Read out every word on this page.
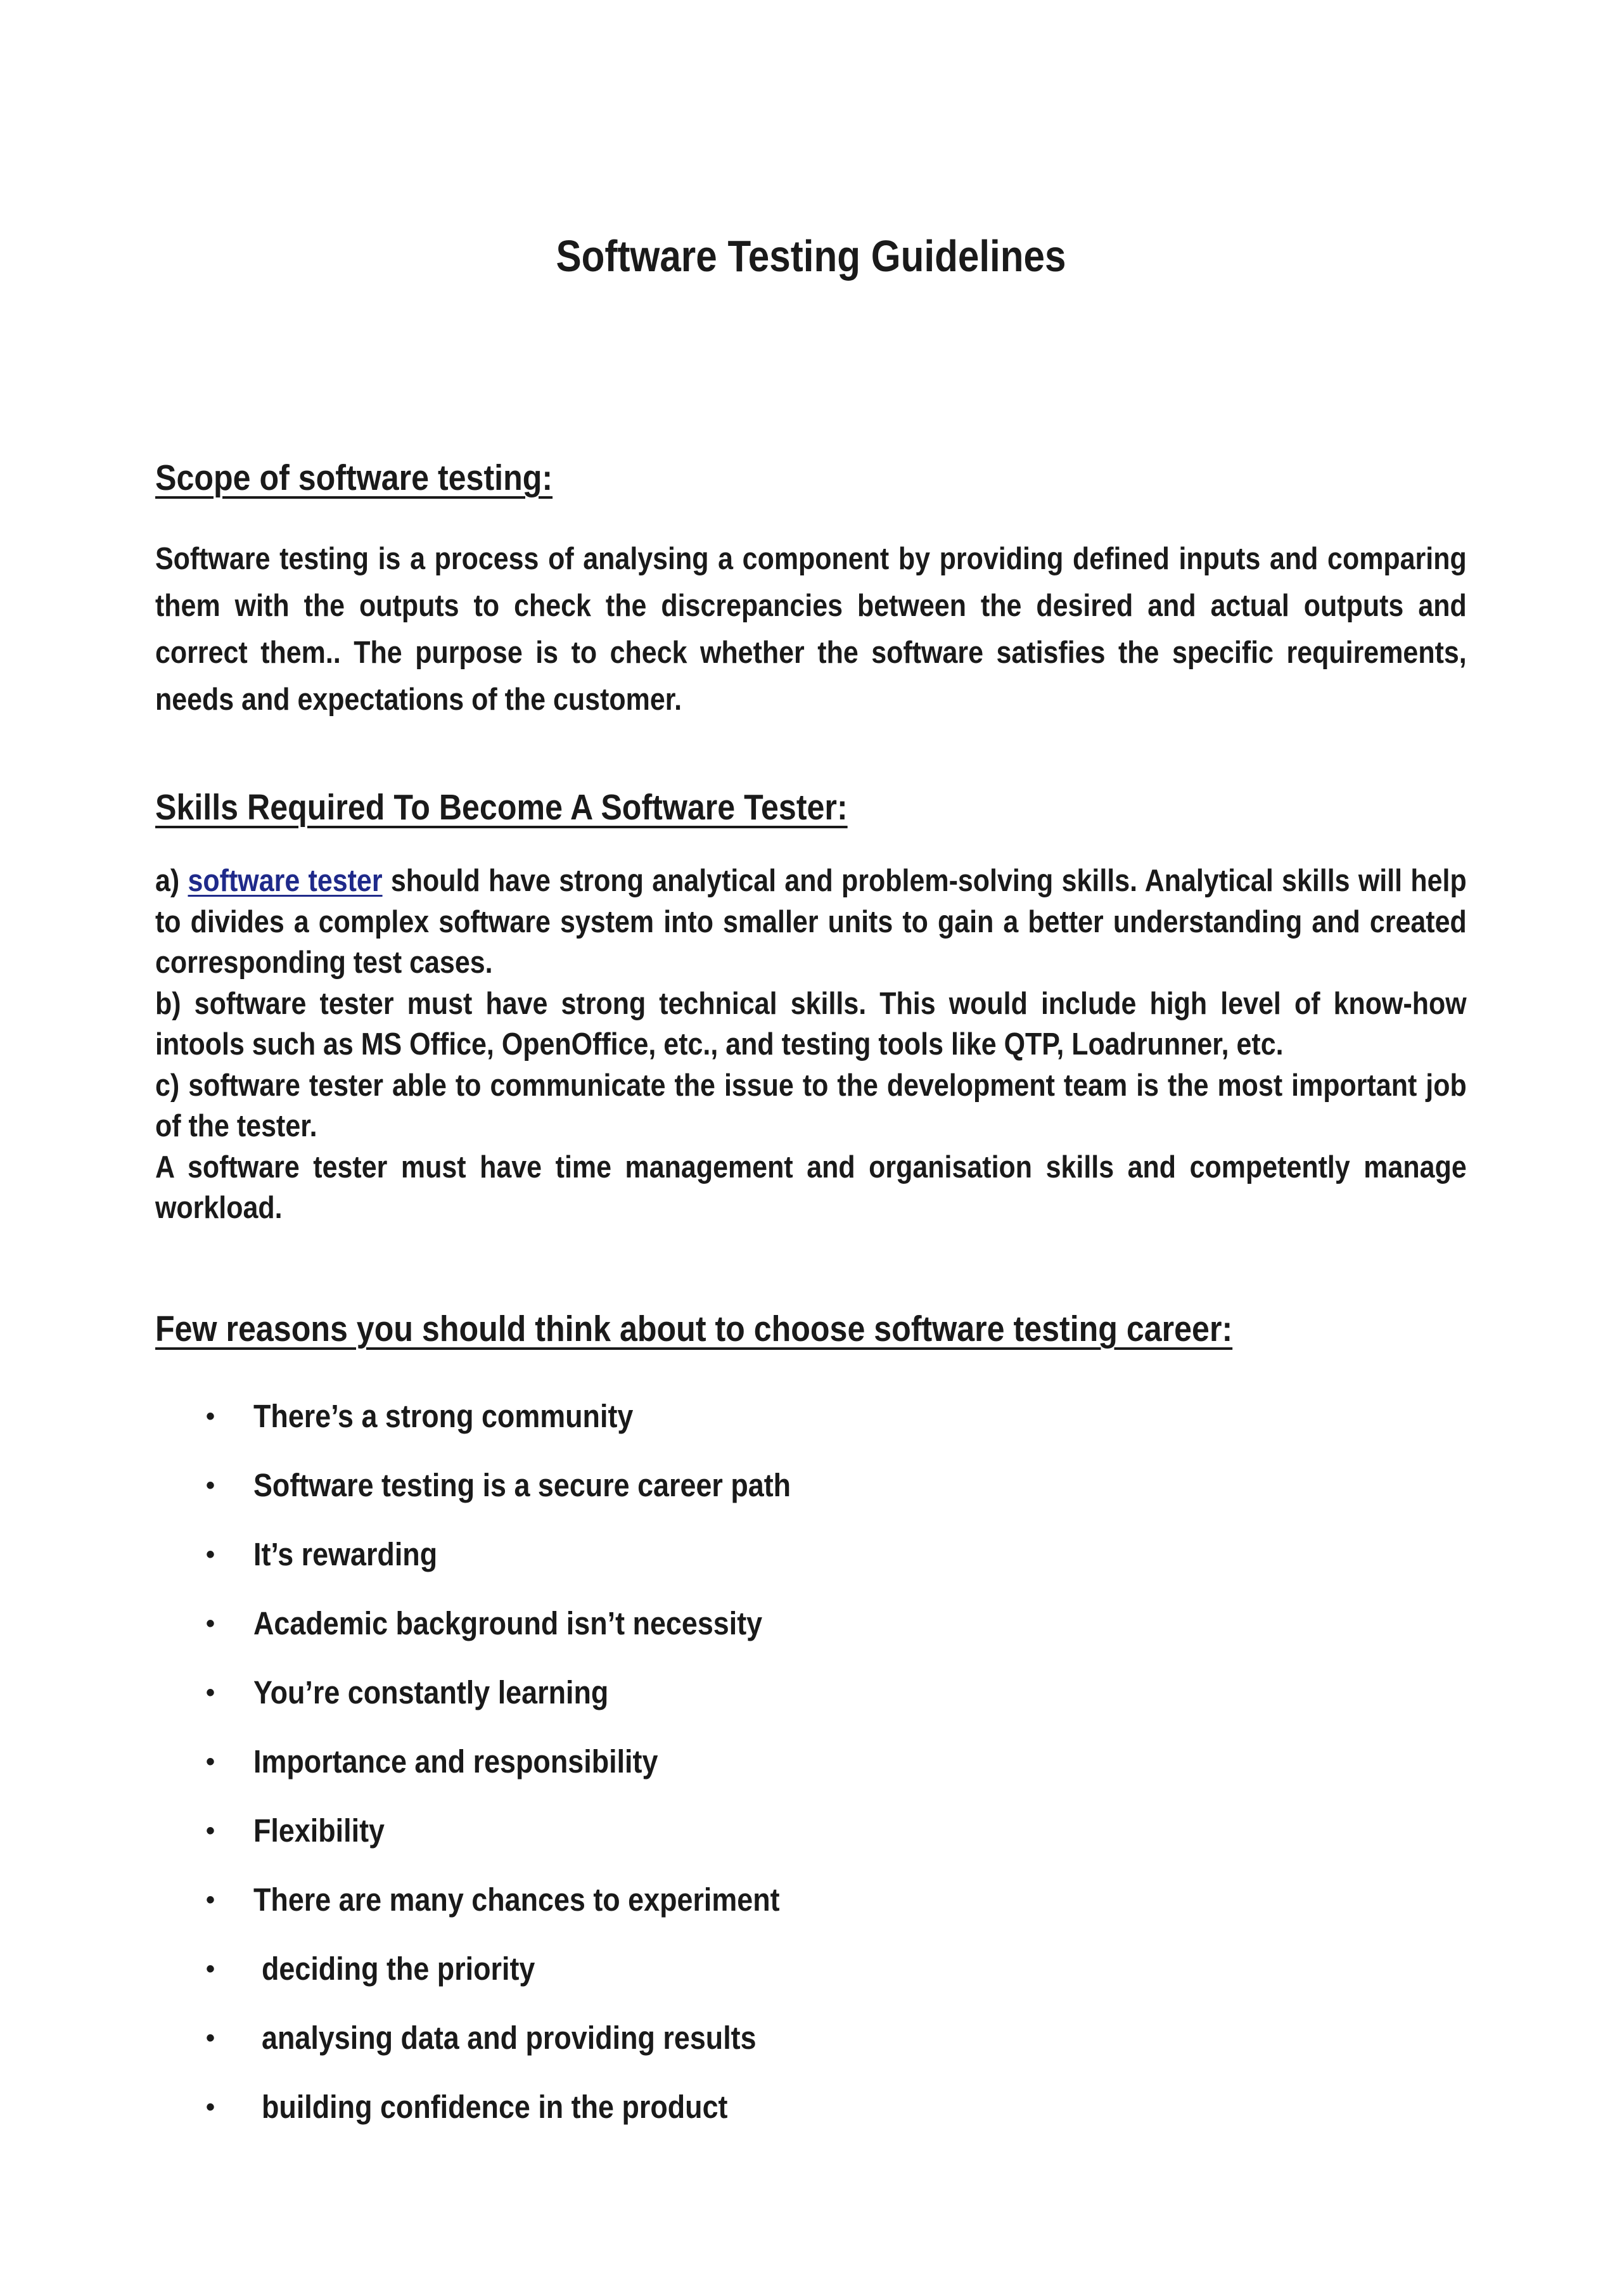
Software Testing Guidelines
Scope of software testing:

Software testing is a process of analysing a component by providing defined inputs and comparing them with the outputs to check the discrepancies between the desired and actual outputs and correct them.. The purpose is to check whether the software satisfies the specific requirements, needs and expectations of the customer.

Skills Required To Become A Software Tester:

a) software tester should have strong analytical and problem-solving skills. Analytical skills will help to divides a complex software system into smaller units to gain a better understanding and created corresponding test cases.

b) software tester must have strong technical skills. This would include high level of know-how intools such as MS Office, OpenOffice, etc., and testing tools like QTP, Loadrunner, etc.

c) software tester able to communicate the issue to the development team is the most important job of the tester.

A software tester must have time management and organisation skills and competently manage workload.

Few reasons you should think about to choose software testing career:
• There’s a strong community
• Software testing is a secure career path
• It’s rewarding
• Academic background isn’t necessity
• You’re constantly learning
• Importance and responsibility
• Flexibility
• There are many chances to experiment
• deciding the priority
• analysing data and providing results
• building confidence in the product
